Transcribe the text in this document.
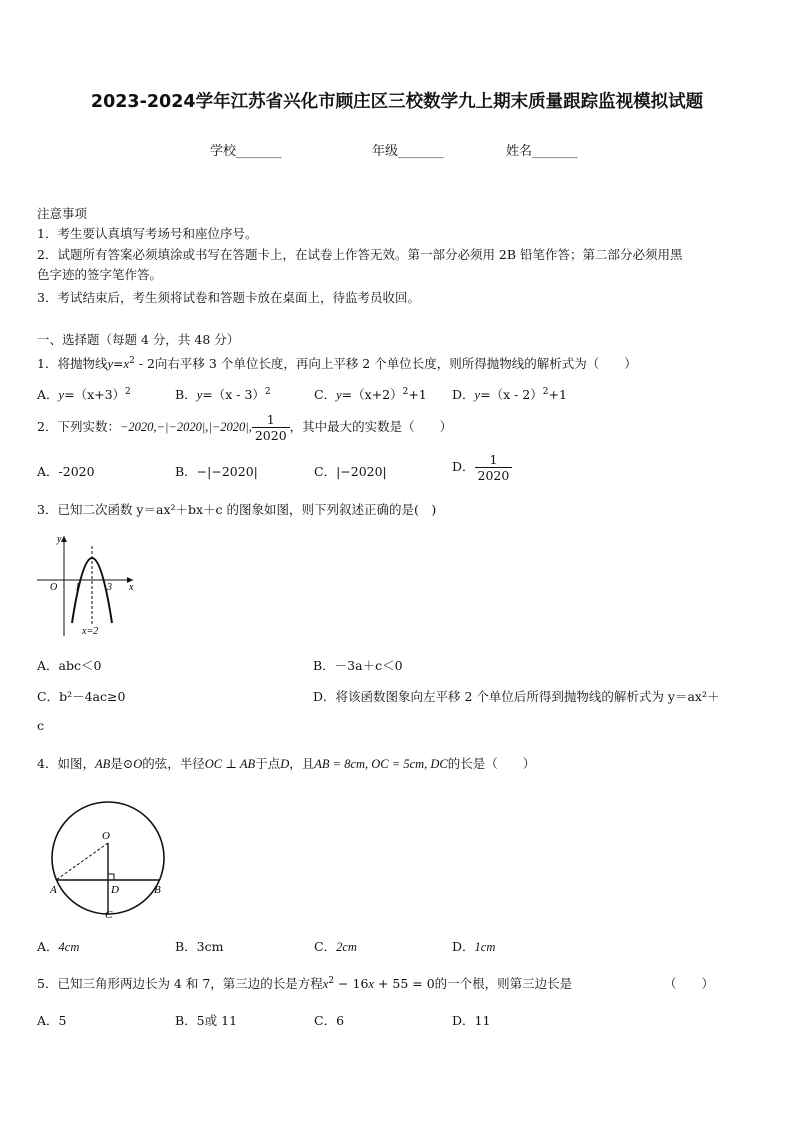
2023-2024学年江苏省兴化市顾庄区三校数学九上期末质量跟踪监视模拟试题
学校_______	年级_______	姓名_______
注意事项
1．考生要认真填写考场号和座位序号。
2．试题所有答案必须填涂或书写在答题卡上，在试卷上作答无效。第一部分必须用 2B 铅笔作答；第二部分必须用黑
色字迹的签字笔作答。
3．考试结束后，考生须将试卷和答题卡放在桌面上，待监考员收回。
一、选择题（每题 4 分，共 48 分）
1．将抛物线$y=x^2 - 2$向右平移 3 个单位长度，再向上平移 2 个单位长度，则所得抛物线的解析式为（　　）
A．$y=(x+3)^2$	B．y=（x - 3）$^2$	C．$y=(x+2)^2+1$ D．y=（x - 2）$^2$+1
2．下列实数：−2020,−|−2020|,|−2020|, $\frac{1}{2020}$ ，其中最大的实数是（　　）
A．-2020	B．−|−2020|	C．|−2020|	D． $\frac{1}{2020}$
3．已知二次函数 y＝ax²＋bx＋c 的图象如图，则下列叙述正确的是(　)
y
x
O 1	3
x=2
A．abc＜0	B．－3a＋c＜0
C．b²－4ac≥0	D．将该函数图象向左平移 2 个单位后所得到抛物线的解析式为 y＝ax²＋
c
4．如图，AB是⊙O的弦，半径OC ⊥ AB于点D，且AB = 8cm, OC = 5cm, DC的长是（　　）
O
A	B
C
D
A．4cm	B．3cm	C．2cm	D．1cm
5．已知三角形两边长为 4 和 7，第三边的长是方程$x^2 - 16x + 55 = 0$的一个根，则第三边长是	（　　）
A．5	B．5或 11	C．6	D．11
